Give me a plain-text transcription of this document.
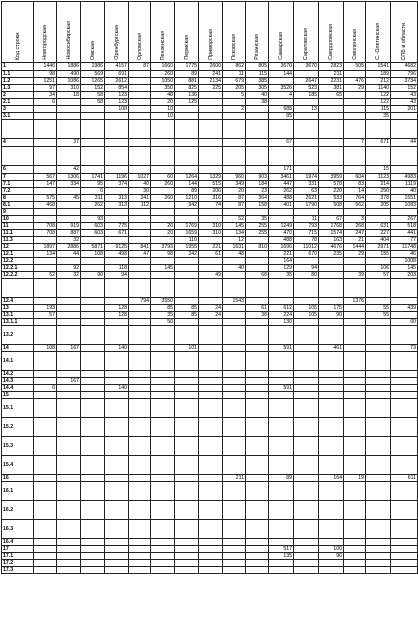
Код строки	Новгородская	Новосибирская	Омская	Оренбургская	Орловская	Пензенская	Пермская	Приморская	Псковская	Рязанская	Самарская	Саратовская	Свердловская	Смоленская	С.-Олетинская	СПБ и области

1	1446	1886	1986	4157	87	1660	1775	2600	862	805	3670	3670	2823	505	1541	4682
1.1	98	490	569	691		260	89	241	11	115	144		211		189	796
1.2	1251	1086	1265	2612		1050	881	2134	679	385		2647	2231	476	212	3734
1.3	97	310	152	854		350	825	225	205	305	3526	523	381	29	1140	152
2	34	18	58	123		48	136		5	40	4	185	65		122	43
2.1	6		58	123		20	125			38					122	43
3				108		10			2		685	13			115	201
3.1						10					85				35	

4		37									67			7	671	44

6		42									171				15	
7	567	1306	1741	1196	1027	60	1264	1329	960	903	3461	1974	3959	604	1123	4983
7.1	147	334	95	374	40	260	144	515	349	184	447	331	578	83	214	1119
7.2			6		30		89	206	20	23	262	63	220	14	250	40
8	575	45	311	313	241	260	1210	316	87	364	488	2621	533	764	378	1551
8.1	468		262	313	112		942	74	87	158	401	1790	508	562	205	1083
9																
10			93						52	35		11	67	3		267
11	708	919	603	775		20	1769	310	145	255	1249	793	1768	268	631	518
11.1	708	887	603	671		20	1659	310	134	255	470	715	1574	247	227	441
11.3		32					110		12		488	78	163	21	404	77
12	1897	2886	5871	9125	841	3793	1955	221	1631	810	1696	11012	4676	1444	2971	11748
12.1	134	44	108	498	47	98	242	61	48		221	670	235	29	155	46
12.2											164					1008
12.2.1		92		118		145			40		129	94			106	145
12.2.2	52	32	90	94				49		68	35	80		39	57	203

12.4					794	3550			1543					1376		
13	193			128		85	85	24		61	612	105	175		55	439
13.1	57			128		35	85	24		38	224	105	90		55	
13.1.1						50					130					60
13.2																
14	108	167		140			101				591		461			73
14.1																
14.2																
14.3		167														
14.4	6			140							591					
15																
15.1																
15.2																
15.3																
15.4																
16									211		89		164	19		611
16.1																
16.2																
16.3																
16.4																
17											517		100			
17.1											135		96			
17.2																
17.3																
